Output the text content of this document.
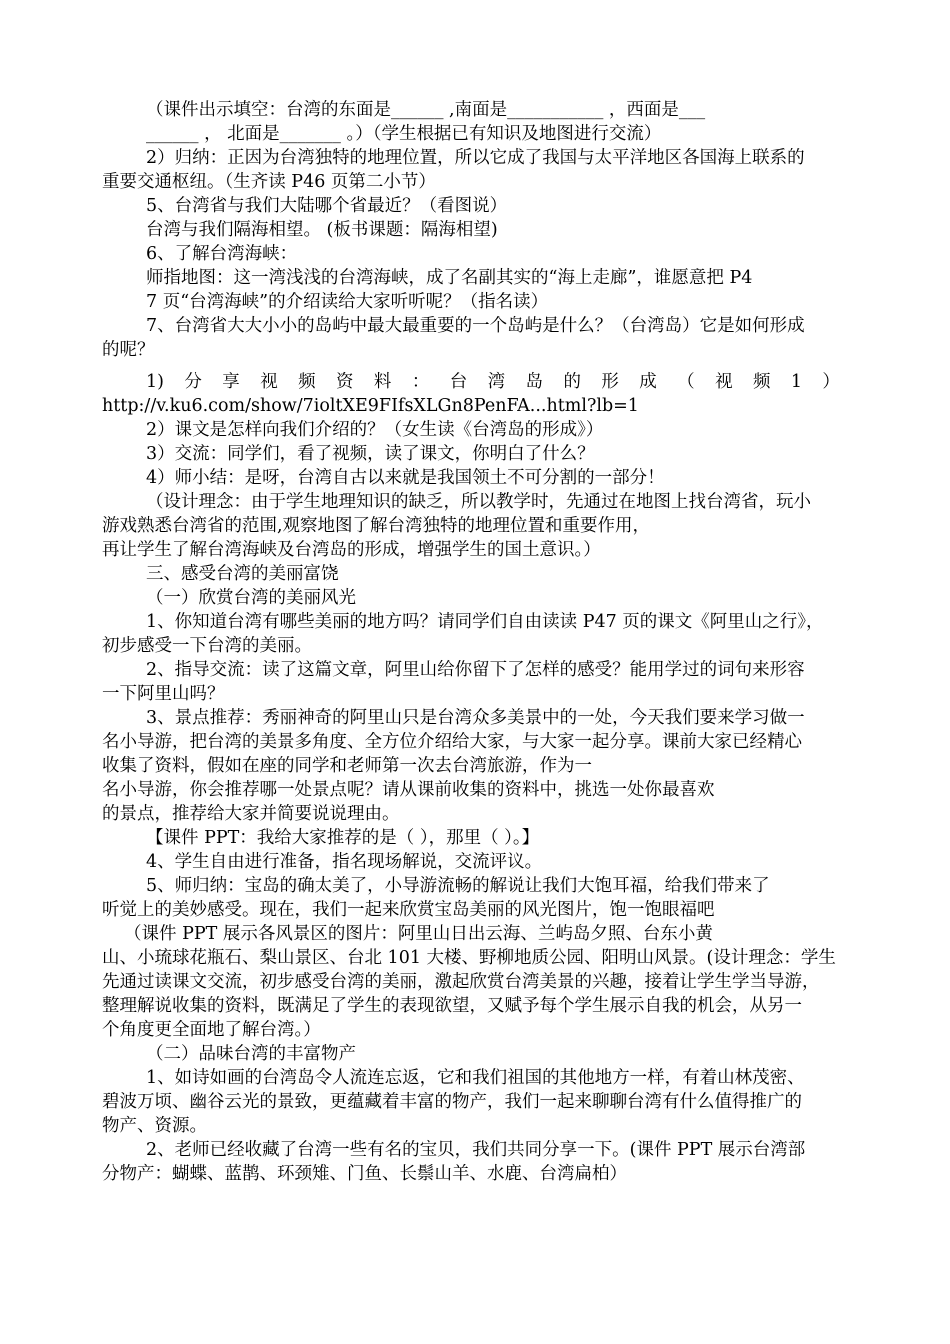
（课件出示填空：台湾的东面是______ ,南面是___________ ，西面是___
______ ， 北面是_______ 。）（学生根据已有知识及地图进行交流）
2）归纳：正因为台湾独特的地理位置，所以它成了我国与太平洋地区各国海上联系的
重要交通枢纽。（生齐读 P46 页第二小节）
5、台湾省与我们大陆哪个省最近？（看图说）
台湾与我们隔海相望。 (板书课题：隔海相望)
6、了解台湾海峡：
师指地图：这一湾浅浅的台湾海峡，成了名副其实的“海上走廊”，谁愿意把 P4
7 页“台湾海峡”的介绍读给大家听听呢？（指名读）
7、台湾省大大小小的岛屿中最大最重要的一个岛屿是什么？（台湾岛）它是如何形成
的呢？
1) 分 享 视 频 资 料 ： 台 湾 岛 的 形 成 （ 视 频 1 ）
http://v.ku6.com/show/7ioltXE9FIfsXLGn8PenFA...html?lb=1
2）课文是怎样向我们介绍的？（女生读《台湾岛的形成》）
3）交流：同学们，看了视频，读了课文，你明白了什么？
4）师小结：是呀，台湾自古以来就是我国领土不可分割的一部分！
（设计理念：由于学生地理知识的缺乏，所以教学时，先通过在地图上找台湾省，玩小
游戏熟悉台湾省的范围,观察地图了解台湾独特的地理位置和重要作用，
再让学生了解台湾海峡及台湾岛的形成，增强学生的国土意识。）
三、感受台湾的美丽富饶
（一）欣赏台湾的美丽风光
1、你知道台湾有哪些美丽的地方吗？请同学们自由读读 P47 页的课文《阿里山之行》，
初步感受一下台湾的美丽。
2、指导交流：读了这篇文章，阿里山给你留下了怎样的感受？能用学过的词句来形容
一下阿里山吗？
3、景点推荐：秀丽神奇的阿里山只是台湾众多美景中的一处，今天我们要来学习做一
名小导游，把台湾的美景多角度、全方位介绍给大家，与大家一起分享。课前大家已经精心
收集了资料，假如在座的同学和老师第一次去台湾旅游，作为一
名小导游，你会推荐哪一处景点呢？请从课前收集的资料中，挑选一处你最喜欢
的景点，推荐给大家并简要说说理由。
【课件 PPT：我给大家推荐的是（ ），那里（ ）。】
4、学生自由进行准备，指名现场解说，交流评议。
5、师归纳：宝岛的确太美了，小导游流畅的解说让我们大饱耳福，给我们带来了
听觉上的美妙感受。现在，我们一起来欣赏宝岛美丽的风光图片，饱一饱眼福吧
（课件 PPT 展示各风景区的图片：阿里山日出云海、兰屿岛夕照、台东小黄
山、小琉球花瓶石、梨山景区、台北 101 大楼、野柳地质公园、阳明山风景。(设计理念：学生
先通过读课文交流，初步感受台湾的美丽，激起欣赏台湾美景的兴趣，接着让学生学当导游，
整理解说收集的资料，既满足了学生的表现欲望，又赋予每个学生展示自我的机会，从另一
个角度更全面地了解台湾。）
（二）品味台湾的丰富物产
1、如诗如画的台湾岛令人流连忘返，它和我们祖国的其他地方一样，有着山林茂密、
碧波万顷、幽谷云光的景致，更蕴藏着丰富的物产，我们一起来聊聊台湾有什么值得推广的
物产、资源。
2、老师已经收藏了台湾一些有名的宝贝，我们共同分享一下。(课件 PPT 展示台湾部
分物产：蝴蝶、蓝鹊、环颈雉、门鱼、长鬃山羊、水鹿、台湾扁柏）
